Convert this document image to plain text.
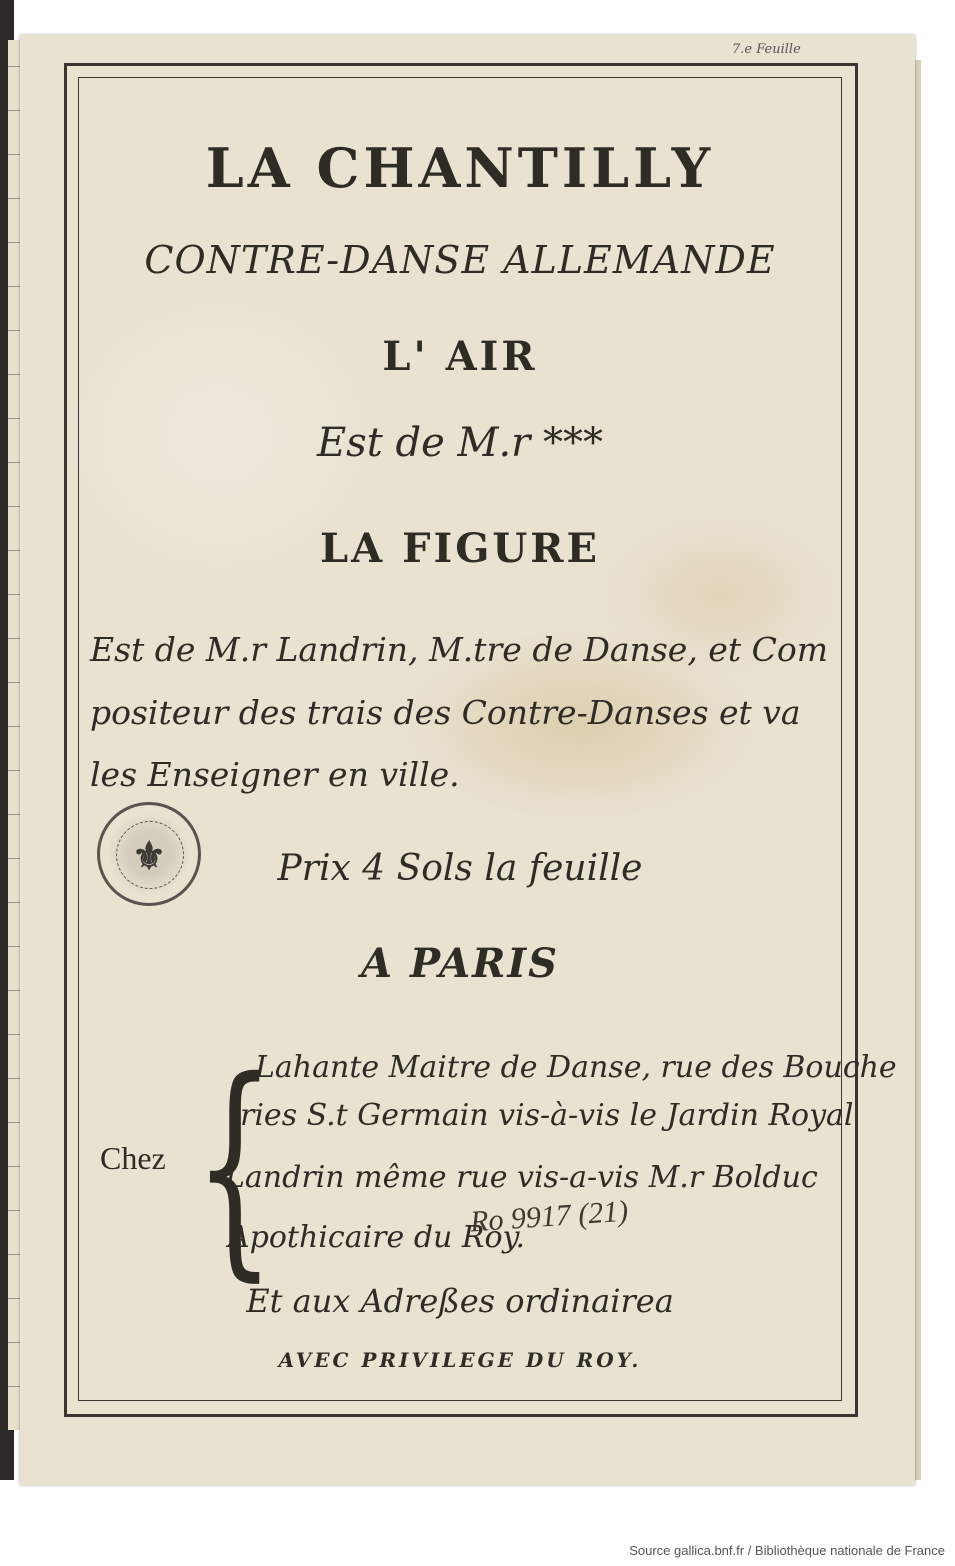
7.e Feuille
LA CHANTILLY
CONTRE-DANSE ALLEMANDE
L' AIR
Est de M.r ***
LA FIGURE
Est de M.r Landrin, M.tre de Danse, et Com
positeur des trais des Contre-Danses et va
les Enseigner en ville.
⚜	Prix 4 Sols la feuille
A PARIS
Chez {
Lahante Maitre de Danse, rue des Bouche
ries S.t Germain vis-à-vis le Jardin Royal
Landrin même rue vis-a-vis M.r Bolduc
Apothicaire du Roy.
Ro 9917 (21)
Et aux Adreßes ordinairea
AVEC PRIVILEGE DU ROY.
Source gallica.bnf.fr / Bibliothèque nationale de France
